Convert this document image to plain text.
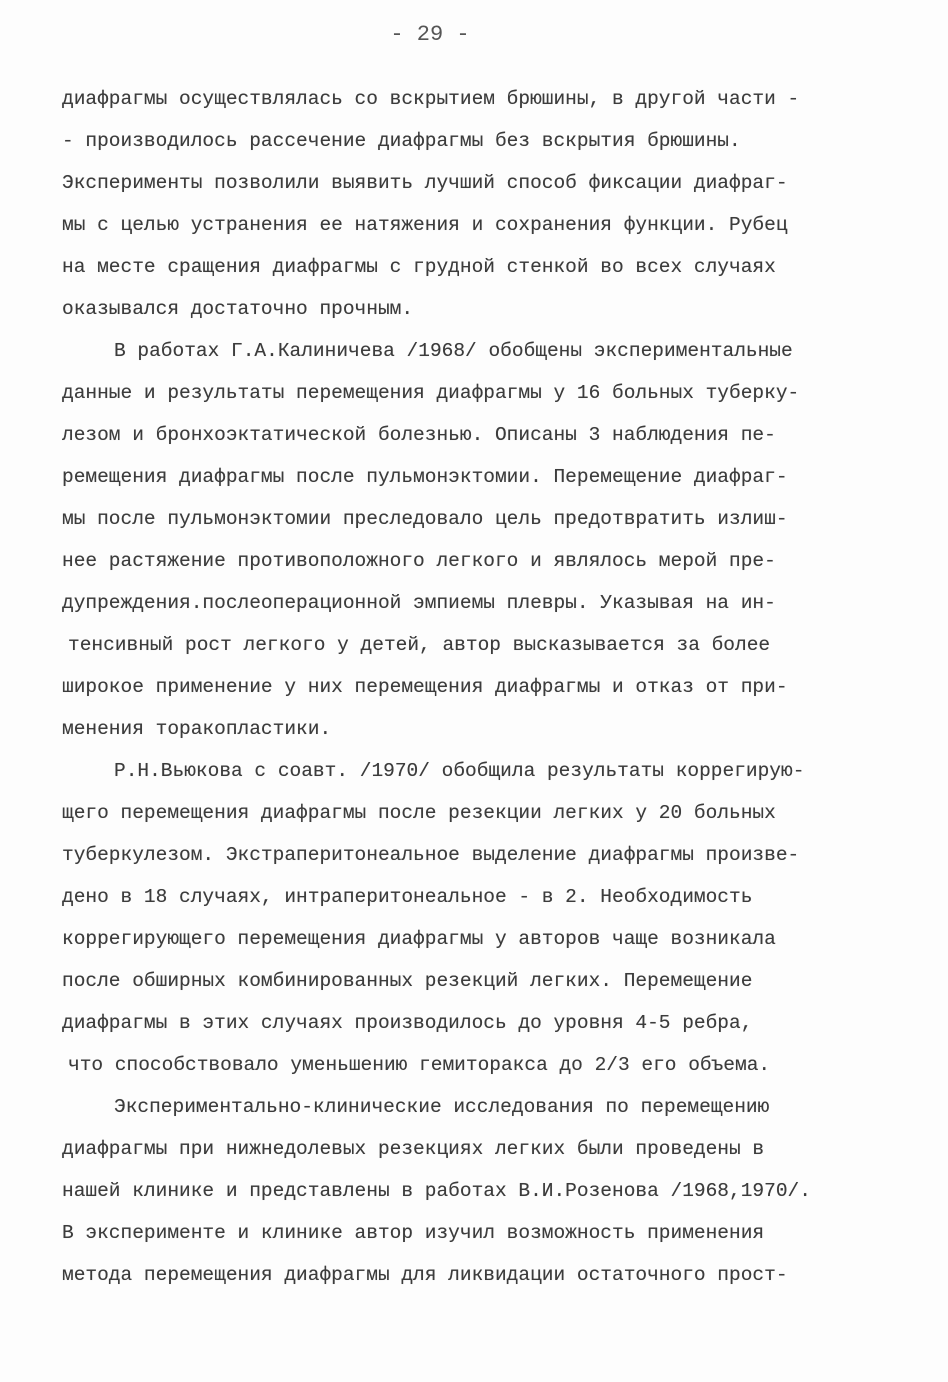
- 29 -
диафрагмы осуществлялась со вскрытием брюшины, в другой части -
- производилось рассечение диафрагмы без вскрытия брюшины.
Эксперименты позволили выявить лучший способ фиксации диафраг-
мы с целью устранения ее натяжения и сохранения функции. Рубец
на месте сращения диафрагмы с грудной стенкой во всех случаях
оказывался достаточно прочным.
В работах Г.А.Калиничева /1968/ обобщены экспериментальные
данные и результаты перемещения диафрагмы у 16 больных туберку-
лезом и бронхоэктатической болезнью. Описаны 3 наблюдения пе-
ремещения диафрагмы после пульмонэктомии. Перемещение диафраг-
мы после пульмонэктомии преследовало цель предотвратить излиш-
нее растяжение противоположного легкого и являлось мерой пре-
дупреждения.послеоперационной эмпиемы плевры. Указывая на ин-
тенсивный рост легкого у детей, автор высказывается за более
широкое применение у них перемещения диафрагмы и отказ от при-
менения торакопластики.
Р.Н.Вьюкова с соавт. /1970/ обобщила результаты коррегирую-
щего перемещения диафрагмы после резекции легких у 20 больных
туберкулезом. Экстраперитонеальное выделение диафрагмы произве-
дено в 18 случаях, интраперитонеальное - в 2. Необходимость
коррегирующего перемещения диафрагмы у авторов чаще возникала
после обширных комбинированных резекций легких. Перемещение
диафрагмы в этих случаях производилось до уровня 4-5 ребра,
что способствовало уменьшению гемиторакса до 2/3 его объема.
Экспериментально-клинические исследования по перемещению
диафрагмы при нижнедолевых резекциях легких были проведены в
нашей клинике и представлены в работах В.И.Розенова /1968,1970/.
В эксперименте и клинике автор изучил возможность применения
метода перемещения диафрагмы для ликвидации остаточного прост-
